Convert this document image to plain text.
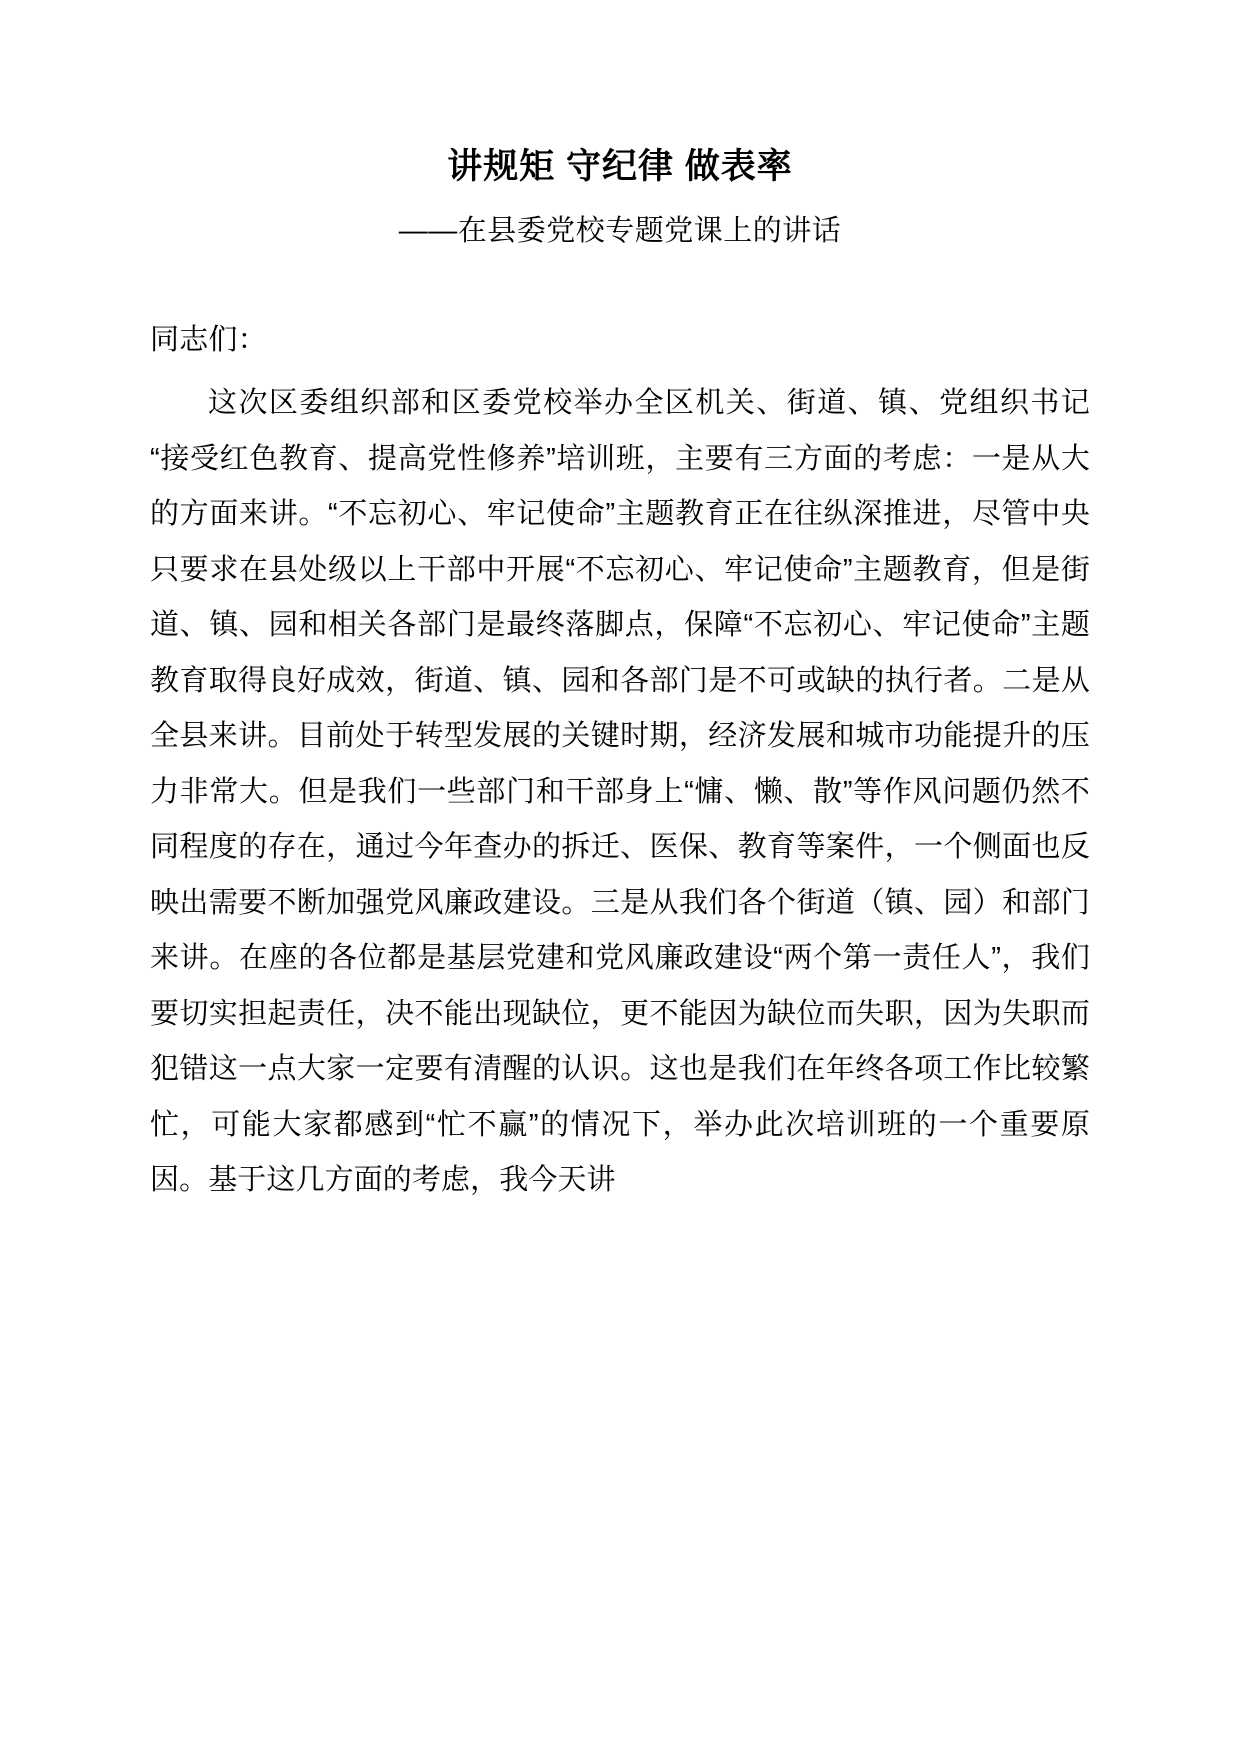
讲规矩 守纪律 做表率
——在县委党校专题党课上的讲话
同志们：

这次区委组织部和区委党校举办全区机关、街道、镇、党组织书记“接受红色教育、提高党性修养”培训班，主要有三方面的考虑：一是从大的方面来讲。“不忘初心、牢记使命”主题教育正在往纵深推进，尽管中央只要求在县处级以上干部中开展“不忘初心、牢记使命”主题教育，但是街道、镇、园和相关各部门是最终落脚点，保障“不忘初心、牢记使命”主题教育取得良好成效，街道、镇、园和各部门是不可或缺的执行者。二是从全县来讲。目前处于转型发展的关键时期，经济发展和城市功能提升的压力非常大。但是我们一些部门和干部身上“慵、懒、散”等作风问题仍然不同程度的存在，通过今年查办的拆迁、医保、教育等案件，一个侧面也反映出需要不断加强党风廉政建设。三是从我们各个街道（镇、园）和部门来讲。在座的各位都是基层党建和党风廉政建设“两个第一责任人”，我们要切实担起责任，决不能出现缺位，更不能因为缺位而失职，因为失职而犯错这一点大家一定要有清醒的认识。这也是我们在年终各项工作比较繁忙，可能大家都感到“忙不赢”的情况下，举办此次培训班的一个重要原因。基于这几方面的考虑，我今天讲
